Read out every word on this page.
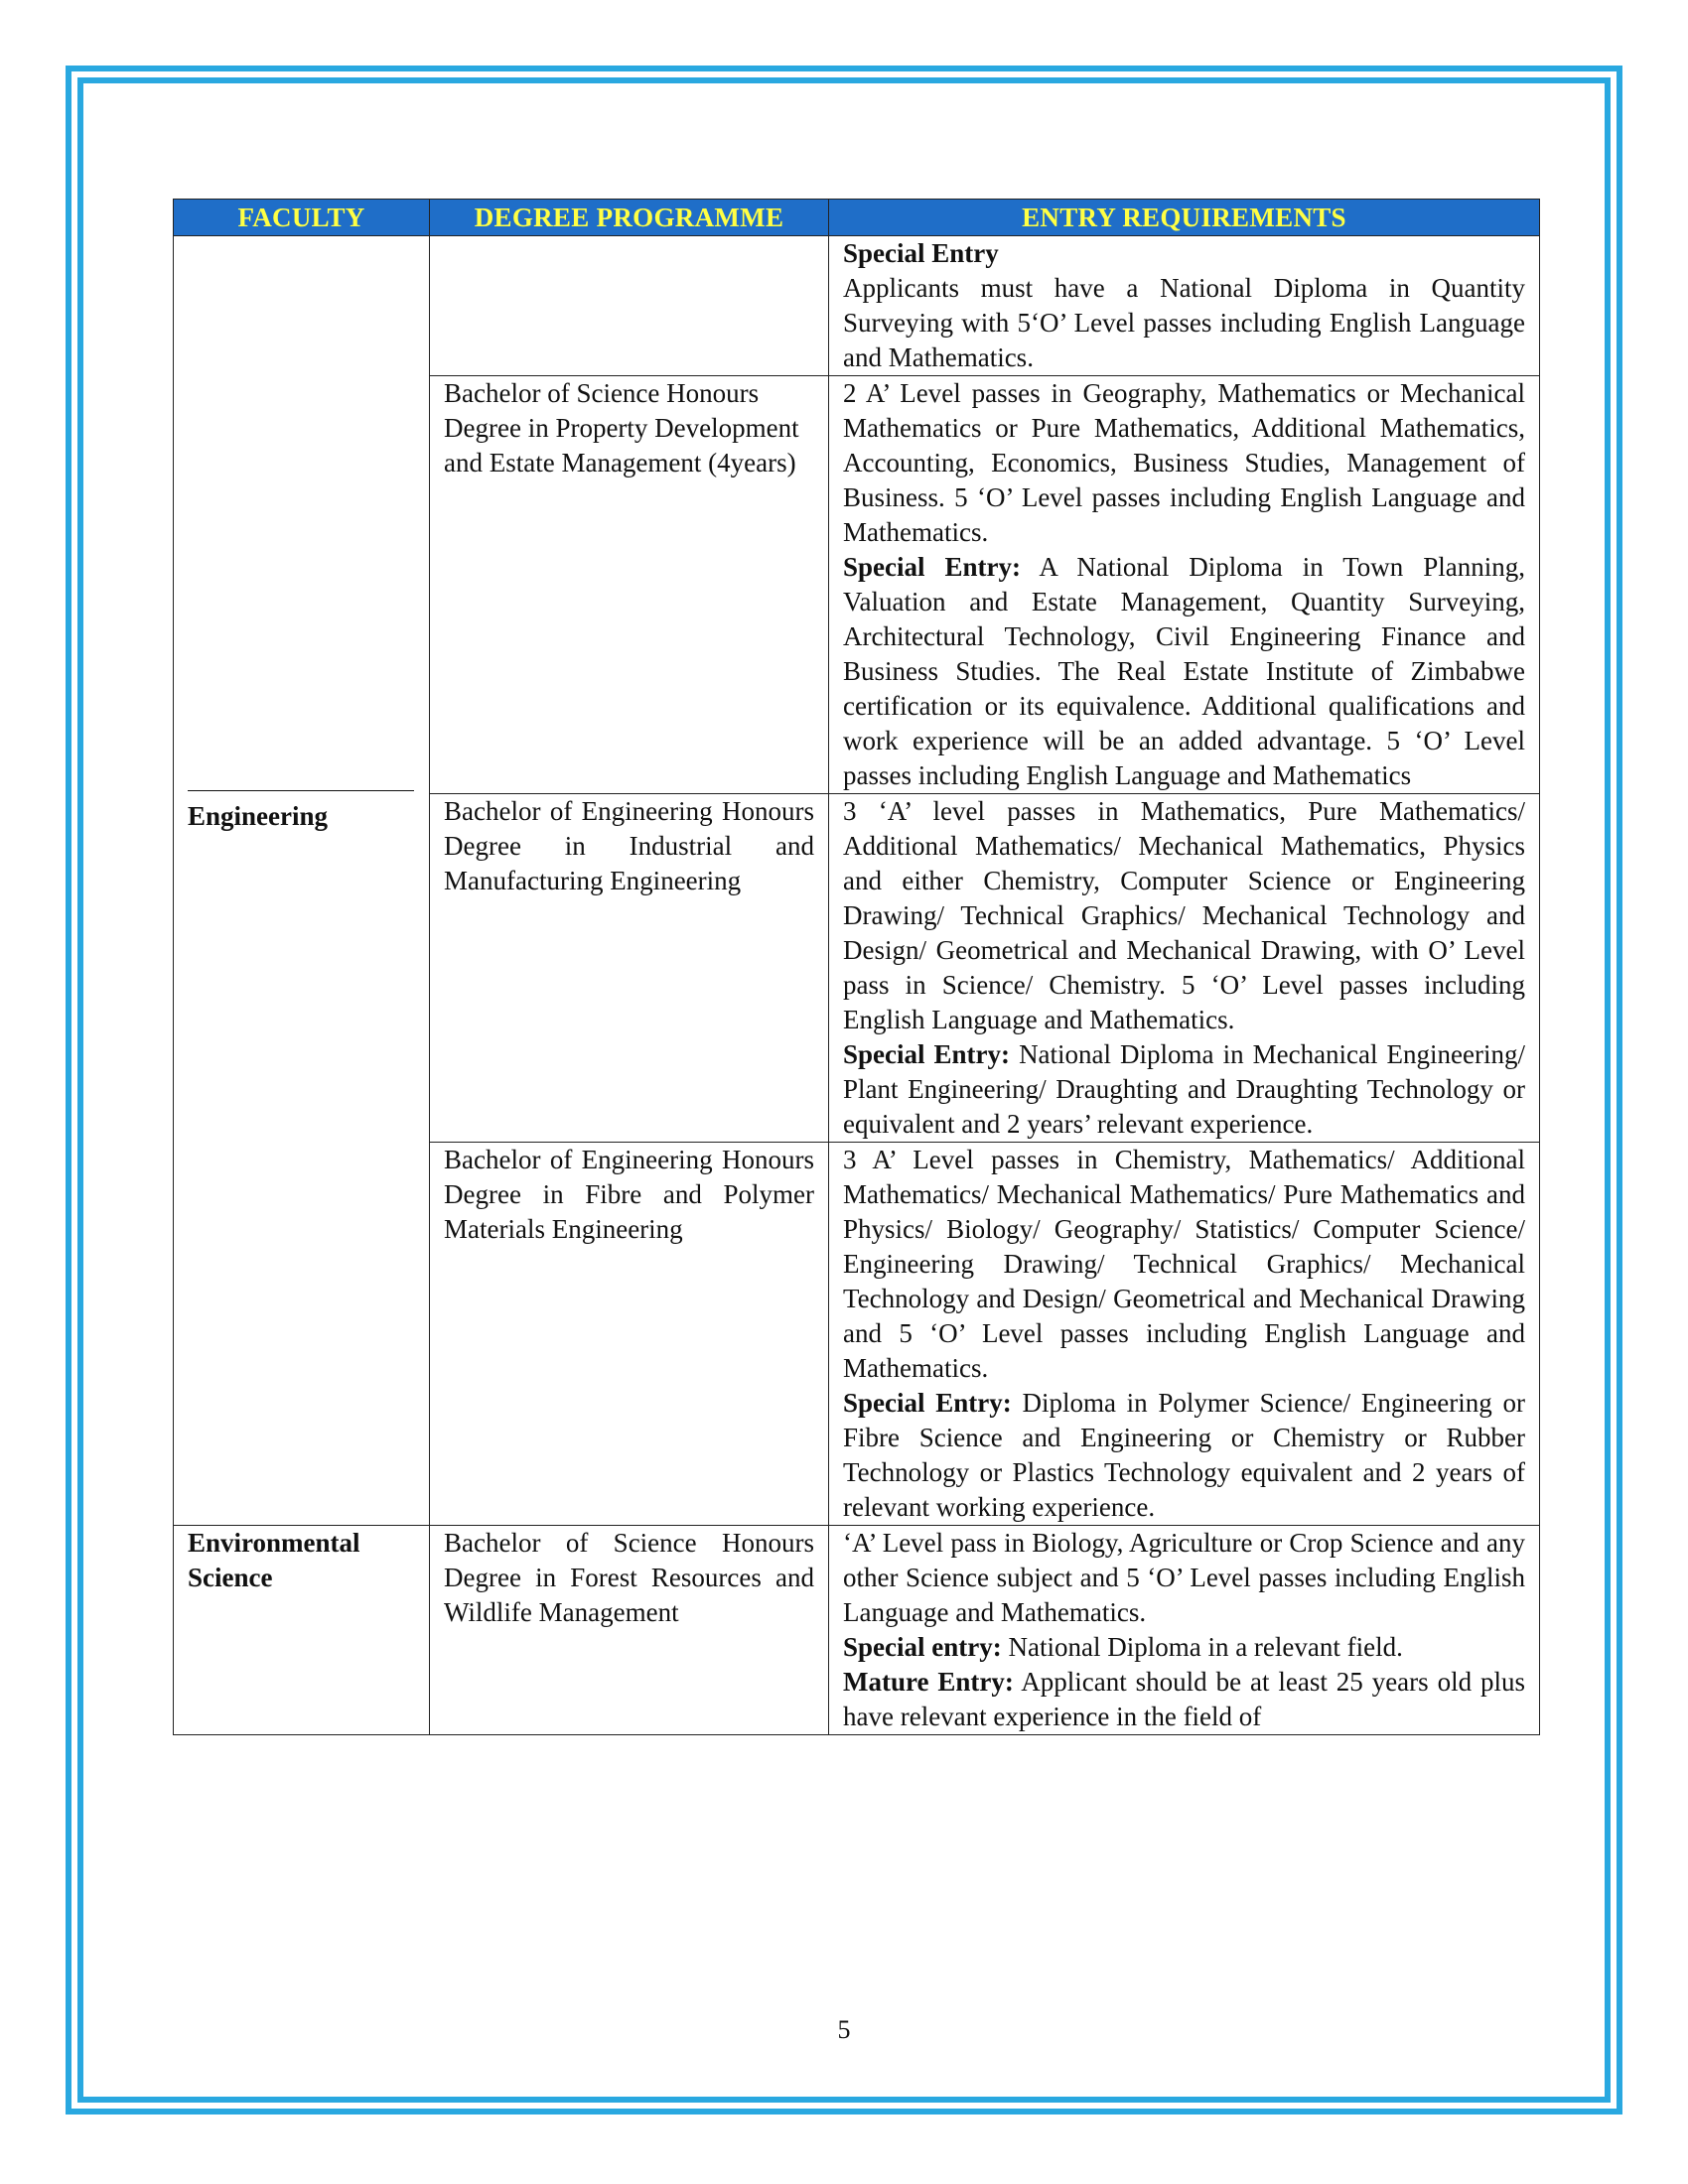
FACULTY	DEGREE PROGRAMME	ENTRY REQUIREMENTS

Engineering		Special Entry
Applicants must have a National Diploma in Quantity Surveying with 5‘O’ Level passes including English Language and Mathematics.
	Bachelor of Science Honours Degree in Property Development and Estate Management (4years)	2 A’ Level passes in Geography, Mathematics or Mechanical Mathematics or Pure Mathematics, Additional Mathematics, Accounting, Economics, Business Studies, Management of Business. 5 ‘O’ Level passes including English Language and Mathematics.
Special Entry: A National Diploma in Town Planning, Valuation and Estate Management, Quantity Surveying, Architectural Technology, Civil Engineering Finance and Business Studies. The Real Estate Institute of Zimbabwe certification or its equivalence. Additional qualifications and work experience will be an added advantage. 5 ‘O’ Level passes including English Language and Mathematics
	Bachelor of Engineering Honours Degree in Industrial and Manufacturing Engineering	3 ‘A’ level passes in Mathematics, Pure Mathematics/ Additional Mathematics/ Mechanical Mathematics, Physics and either Chemistry, Computer Science or Engineering Drawing/ Technical Graphics/ Mechanical Technology and Design/ Geometrical and Mechanical Drawing, with O’ Level pass in Science/ Chemistry. 5 ‘O’ Level passes including English Language and Mathematics.
Special Entry: National Diploma in Mechanical Engineering/ Plant Engineering/ Draughting and Draughting Technology or equivalent and 2 years’ relevant experience.
	Bachelor of Engineering Honours Degree in Fibre and Polymer Materials Engineering	3 A’ Level passes in Chemistry, Mathematics/ Additional Mathematics/ Mechanical Mathematics/ Pure Mathematics and Physics/ Biology/ Geography/ Statistics/ Computer Science/ Engineering Drawing/ Technical Graphics/ Mechanical Technology and Design/ Geometrical and Mechanical Drawing and 5 ‘O’ Level passes including English Language and Mathematics.
Special Entry: Diploma in Polymer Science/ Engineering or Fibre Science and Engineering or Chemistry or Rubber Technology or Plastics Technology equivalent and 2 years of relevant working experience.
Environmental
Science	Bachelor of Science Honours Degree in Forest Resources and Wildlife Management	‘A’ Level pass in Biology, Agriculture or Crop Science and any other Science subject and 5 ‘O’ Level passes including English Language and Mathematics.
Special entry: National Diploma in a relevant field.
Mature Entry: Applicant should be at least 25 years old plus have relevant experience in the field of
5
